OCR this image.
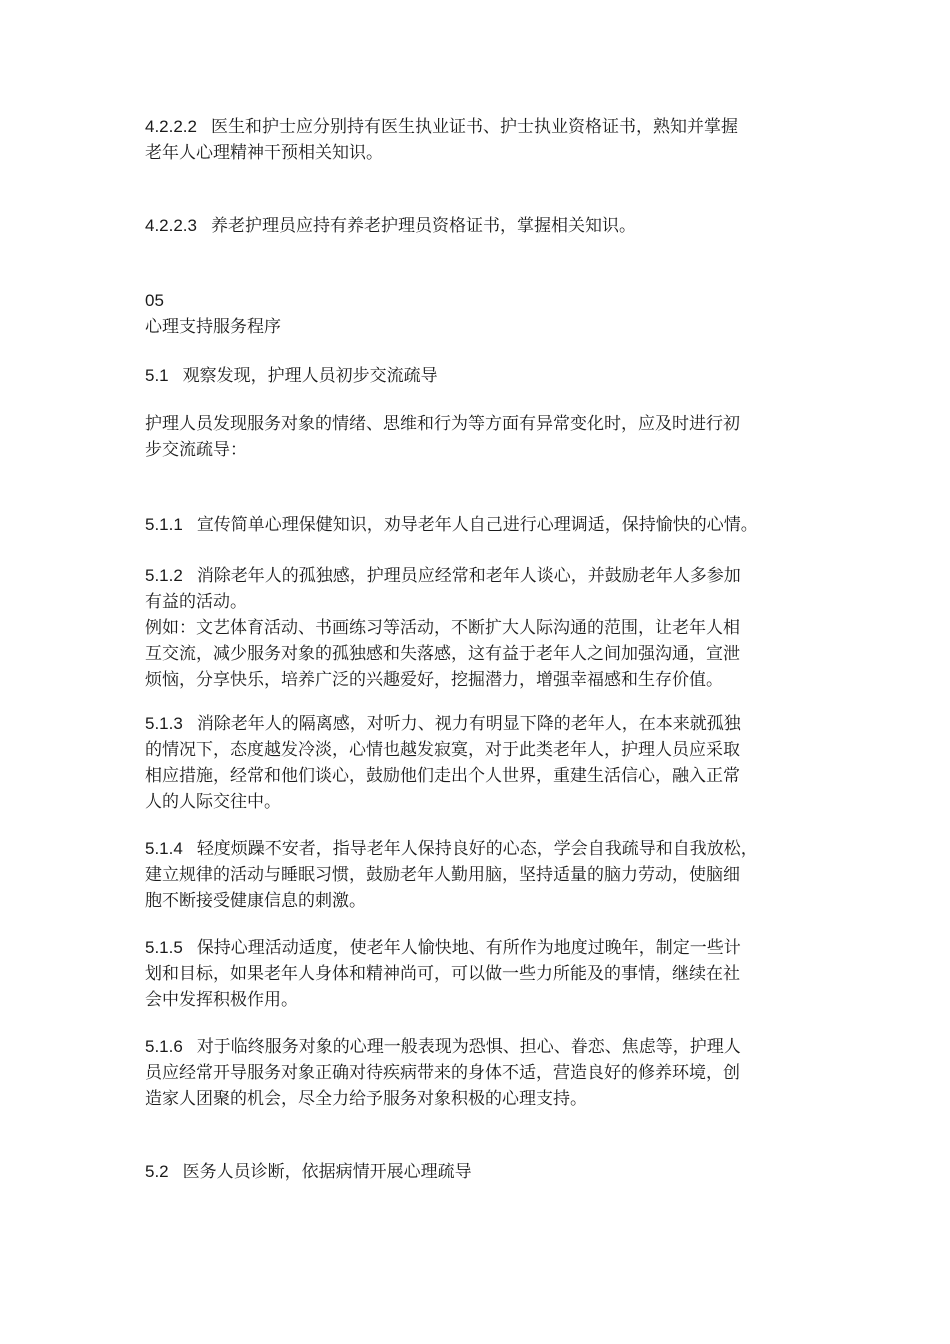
4.2.2.2 医生和护士应分别持有医生执业证书、护士执业资格证书，熟知并掌握
老年人心理精神干预相关知识。
4.2.2.3 养老护理员应持有养老护理员资格证书，掌握相关知识。
05
心理支持服务程序
5.1 观察发现，护理人员初步交流疏导
护理人员发现服务对象的情绪、思维和行为等方面有异常变化时，应及时进行初
步交流疏导：
5.1.1 宣传简单心理保健知识，劝导老年人自己进行心理调适，保持愉快的心情。
5.1.2 消除老年人的孤独感，护理员应经常和老年人谈心，并鼓励老年人多参加
有益的活动。
例如：文艺体育活动、书画练习等活动，不断扩大人际沟通的范围，让老年人相
互交流，减少服务对象的孤独感和失落感，这有益于老年人之间加强沟通，宣泄
烦恼，分享快乐，培养广泛的兴趣爱好，挖掘潜力，增强幸福感和生存价值。
5.1.3 消除老年人的隔离感，对听力、视力有明显下降的老年人，在本来就孤独
的情况下，态度越发冷淡，心情也越发寂寞，对于此类老年人，护理人员应采取
相应措施，经常和他们谈心，鼓励他们走出个人世界，重建生活信心，融入正常
人的人际交往中。
5.1.4 轻度烦躁不安者，指导老年人保持良好的心态，学会自我疏导和自我放松，
建立规律的活动与睡眠习惯，鼓励老年人勤用脑，坚持适量的脑力劳动，使脑细
胞不断接受健康信息的刺激。
5.1.5 保持心理活动适度，使老年人愉快地、有所作为地度过晚年，制定一些计
划和目标，如果老年人身体和精神尚可，可以做一些力所能及的事情，继续在社
会中发挥积极作用。
5.1.6 对于临终服务对象的心理一般表现为恐惧、担心、眷恋、焦虑等，护理人
员应经常开导服务对象正确对待疾病带来的身体不适，营造良好的修养环境，创
造家人团聚的机会，尽全力给予服务对象积极的心理支持。
5.2 医务人员诊断，依据病情开展心理疏导
